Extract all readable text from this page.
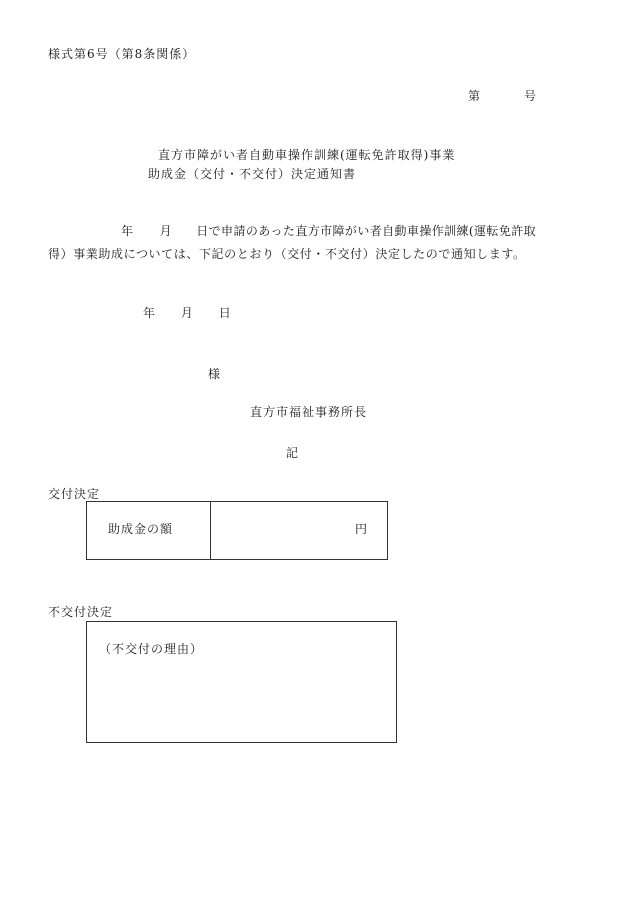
様式第6号（第8条関係）
第	号
直方市障がい者自動車操作訓練(運転免許取得)事業
助成金（交付・不交付）決定通知書
年 月 日で申請のあった直方市障がい者自動車操作訓練(運転免許取
得）事業助成については、下記のとおり（交付・不交付）決定したので通知します。
年 月 日
様
直方市福祉事務所長
記
交付決定
助成金の額	円
不交付決定
（不交付の理由）
